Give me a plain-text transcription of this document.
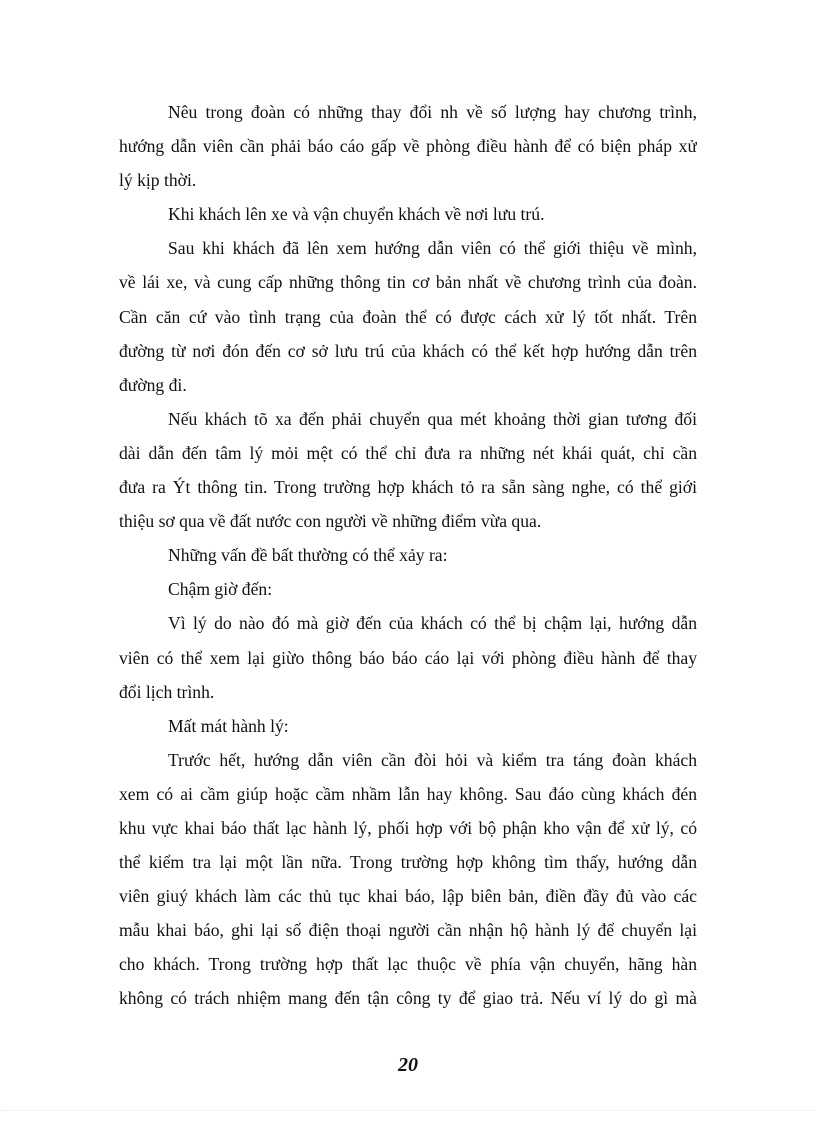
Nêu trong đoàn có những thay đổi nh về số lượng hay chương trình,
hướng dẫn viên cần phải báo cáo gấp về phòng điều hành để có biện pháp xử
lý kịp thời.
Khi khách lên xe và vận chuyển khách về nơi lưu trú.
Sau khi khách đã lên xem hướng dẫn viên có thể giới thiệu về mình,
về lái xe, và cung cấp những thông tin cơ bản nhất về chương trình của đoàn.
Cần căn cứ vào tình trạng của đoàn thể có được cách xử lý tốt nhất. Trên
đường từ nơi đón đến cơ sở lưu trú của khách có thể kết hợp hướng dẫn trên
đường đi.
Nếu khách tõ xa đến phải chuyển qua mét khoảng thời gian tương đối
dài dẫn đến tâm lý mỏi mệt có thể chỉ đưa ra những nét khái quát, chỉ cần
đưa ra Ýt thông tin. Trong trường hợp khách tỏ ra sẵn sàng nghe, có thể giới
thiệu sơ qua về đất nước con người về những điểm vừa qua.
Những vấn đề bất thường có thể xảy ra:
Chậm giờ đến:
Vì lý do nào đó mà giờ đến của khách có thể bị chậm lại, hướng dẫn
viên có thể xem lại giừo thông báo báo cáo lại với phòng điều hành để thay
đổi lịch trình.
Mất mát hành lý:
Trước hết, hướng dẫn viên cần đòi hỏi và kiểm tra táng đoàn khách
xem có ai cầm giúp hoặc cầm nhầm lẫn hay không. Sau đáo cùng khách đén
khu vực khai báo thất lạc hành lý, phối hợp với bộ phận kho vận để xử lý, có
thể kiểm tra lại một lần nữa. Trong trường hợp không tìm thấy, hướng dẫn
viên giuý khách làm các thủ tục khai báo, lập biên bản, điền đầy đủ vào các
mẫu khai báo, ghi lại số điện thoại người cần nhận hộ hành lý để chuyển lại
cho khách. Trong trường hợp thất lạc thuộc về phía vận chuyển, hãng hàn
không có trách nhiệm mang đến tận công ty để giao trả. Nếu ví lý do gì mà
20
